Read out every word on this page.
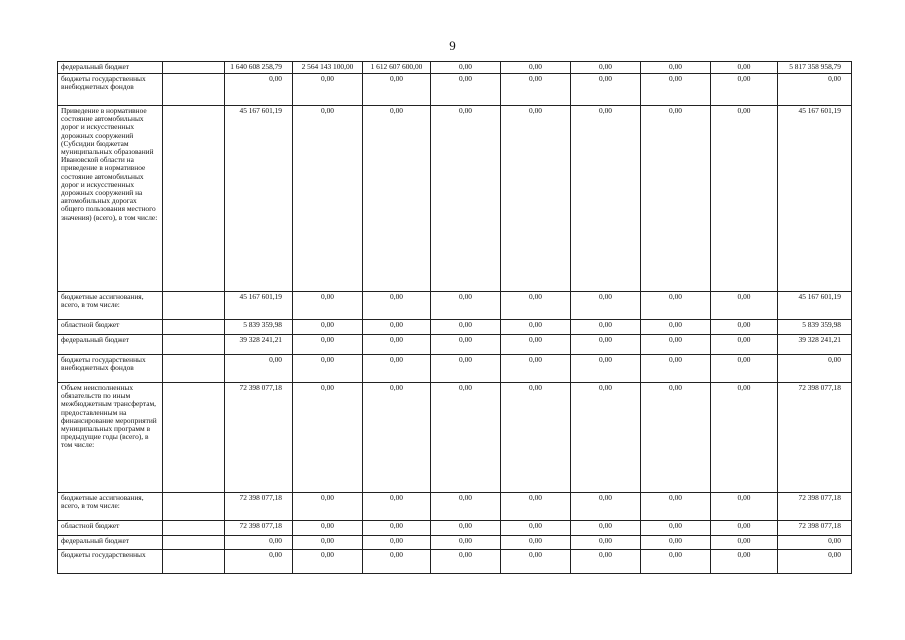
9
федеральный бюджет		1 640 608 258,79	2 564 143 100,00	1 612 607 600,00	0,00	0,00	0,00	0,00	0,00	5 817 358 958,79
бюджеты государственных внебюджетных фондов		0,00	0,00	0,00	0,00	0,00	0,00	0,00	0,00	0,00
Приведение в нормативное состояние автомобильных дорог и искусственных дорожных сооружений (Субсидии бюджетам муниципальных образований Ивановской области на приведение в нормативное состояние автомобильных дорог и искусственных дорожных сооружений на автомобильных дорогах общего пользования местного значения) (всего), в том числе:		45 167 601,19	0,00	0,00	0,00	0,00	0,00	0,00	0,00	45 167 601,19
бюджетные ассигнования, всего, в том числе:		45 167 601,19	0,00	0,00	0,00	0,00	0,00	0,00	0,00	45 167 601,19
областной бюджет		5 839 359,98	0,00	0,00	0,00	0,00	0,00	0,00	0,00	5 839 359,98
федеральный бюджет		39 328 241,21	0,00	0,00	0,00	0,00	0,00	0,00	0,00	39 328 241,21
бюджеты государственных внебюджетных фондов		0,00	0,00	0,00	0,00	0,00	0,00	0,00	0,00	0,00
Объем неисполненных обязательств по иным межбюджетным трансфертам, предоставленным на финансирование мероприятий муниципальных программ в предыдущие годы (всего), в том числе:		72 398 077,18	0,00	0,00	0,00	0,00	0,00	0,00	0,00	72 398 077,18
бюджетные ассигнования, всего, в том числе:		72 398 077,18	0,00	0,00	0,00	0,00	0,00	0,00	0,00	72 398 077,18
областной бюджет		72 398 077,18	0,00	0,00	0,00	0,00	0,00	0,00	0,00	72 398 077,18
федеральный бюджет		0,00	0,00	0,00	0,00	0,00	0,00	0,00	0,00	0,00
бюджеты государственных		0,00	0,00	0,00	0,00	0,00	0,00	0,00	0,00	0,00
